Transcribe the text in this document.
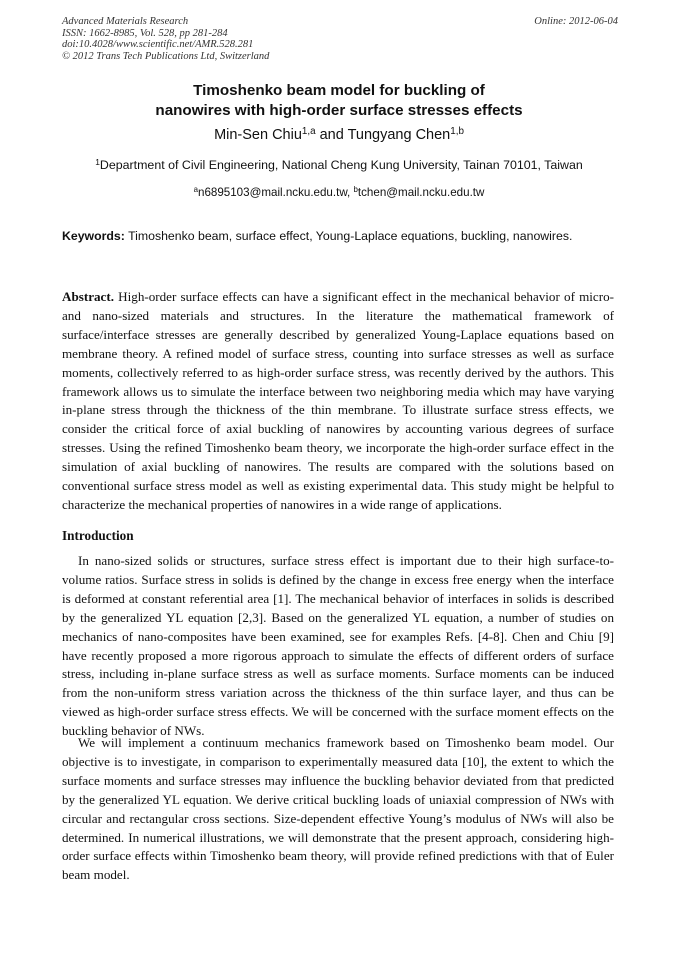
Advanced Materials Research
ISSN: 1662-8985, Vol. 528, pp 281-284
doi:10.4028/www.scientific.net/AMR.528.281
© 2012 Trans Tech Publications Ltd, Switzerland
Online: 2012-06-04
Timoshenko beam model for buckling of
nanowires with high-order surface stresses effects
Min-Sen Chiu$^{1,a}$ and Tungyang Chen$^{1,b}$
$^1$Department of Civil Engineering, National Cheng Kung University, Tainan 70101, Taiwan
$^a$n6895103@mail.ncku.edu.tw, $^b$tchen@mail.ncku.edu.tw
Keywords: Timoshenko beam, surface effect, Young-Laplace equations, buckling, nanowires.
Abstract. High-order surface effects can have a significant effect in the mechanical behavior of micro- and nano-sized materials and structures. In the literature the mathematical framework of surface/interface stresses are generally described by generalized Young-Laplace equations based on membrane theory. A refined model of surface stress, counting into surface stresses as well as surface moments, collectively referred to as high-order surface stress, was recently derived by the authors. This framework allows us to simulate the interface between two neighboring media which may have varying in-plane stress through the thickness of the thin membrane. To illustrate surface stress effects, we consider the critical force of axial buckling of nanowires by accounting various degrees of surface stresses. Using the refined Timoshenko beam theory, we incorporate the high-order surface effect in the simulation of axial buckling of nanowires. The results are compared with the solutions based on conventional surface stress model as well as existing experimental data. This study might be helpful to characterize the mechanical properties of nanowires in a wide range of applications.
Introduction
In nano-sized solids or structures, surface stress effect is important due to their high surface-to-volume ratios. Surface stress in solids is defined by the change in excess free energy when the interface is deformed at constant referential area [1]. The mechanical behavior of interfaces in solids is described by the generalized YL equation [2,3]. Based on the generalized YL equation, a number of studies on mechanics of nano-composites have been examined, see for examples Refs. [4-8]. Chen and Chiu [9] have recently proposed a more rigorous approach to simulate the effects of different orders of surface stress, including in-plane surface stress as well as surface moments. Surface moments can be induced from the non-uniform stress variation across the thickness of the thin surface layer, and thus can be viewed as high-order surface stress effects. We will be concerned with the surface moment effects on the buckling behavior of NWs.
We will implement a continuum mechanics framework based on Timoshenko beam model. Our objective is to investigate, in comparison to experimentally measured data [10], the extent to which the surface moments and surface stresses may influence the buckling behavior deviated from that predicted by the generalized YL equation. We derive critical buckling loads of uniaxial compression of NWs with circular and rectangular cross sections. Size-dependent effective Young’s modulus of NWs will also be determined. In numerical illustrations, we will demonstrate that the present approach, considering high-order surface effects within Timoshenko beam theory, will provide refined predictions with that of Euler beam model.
